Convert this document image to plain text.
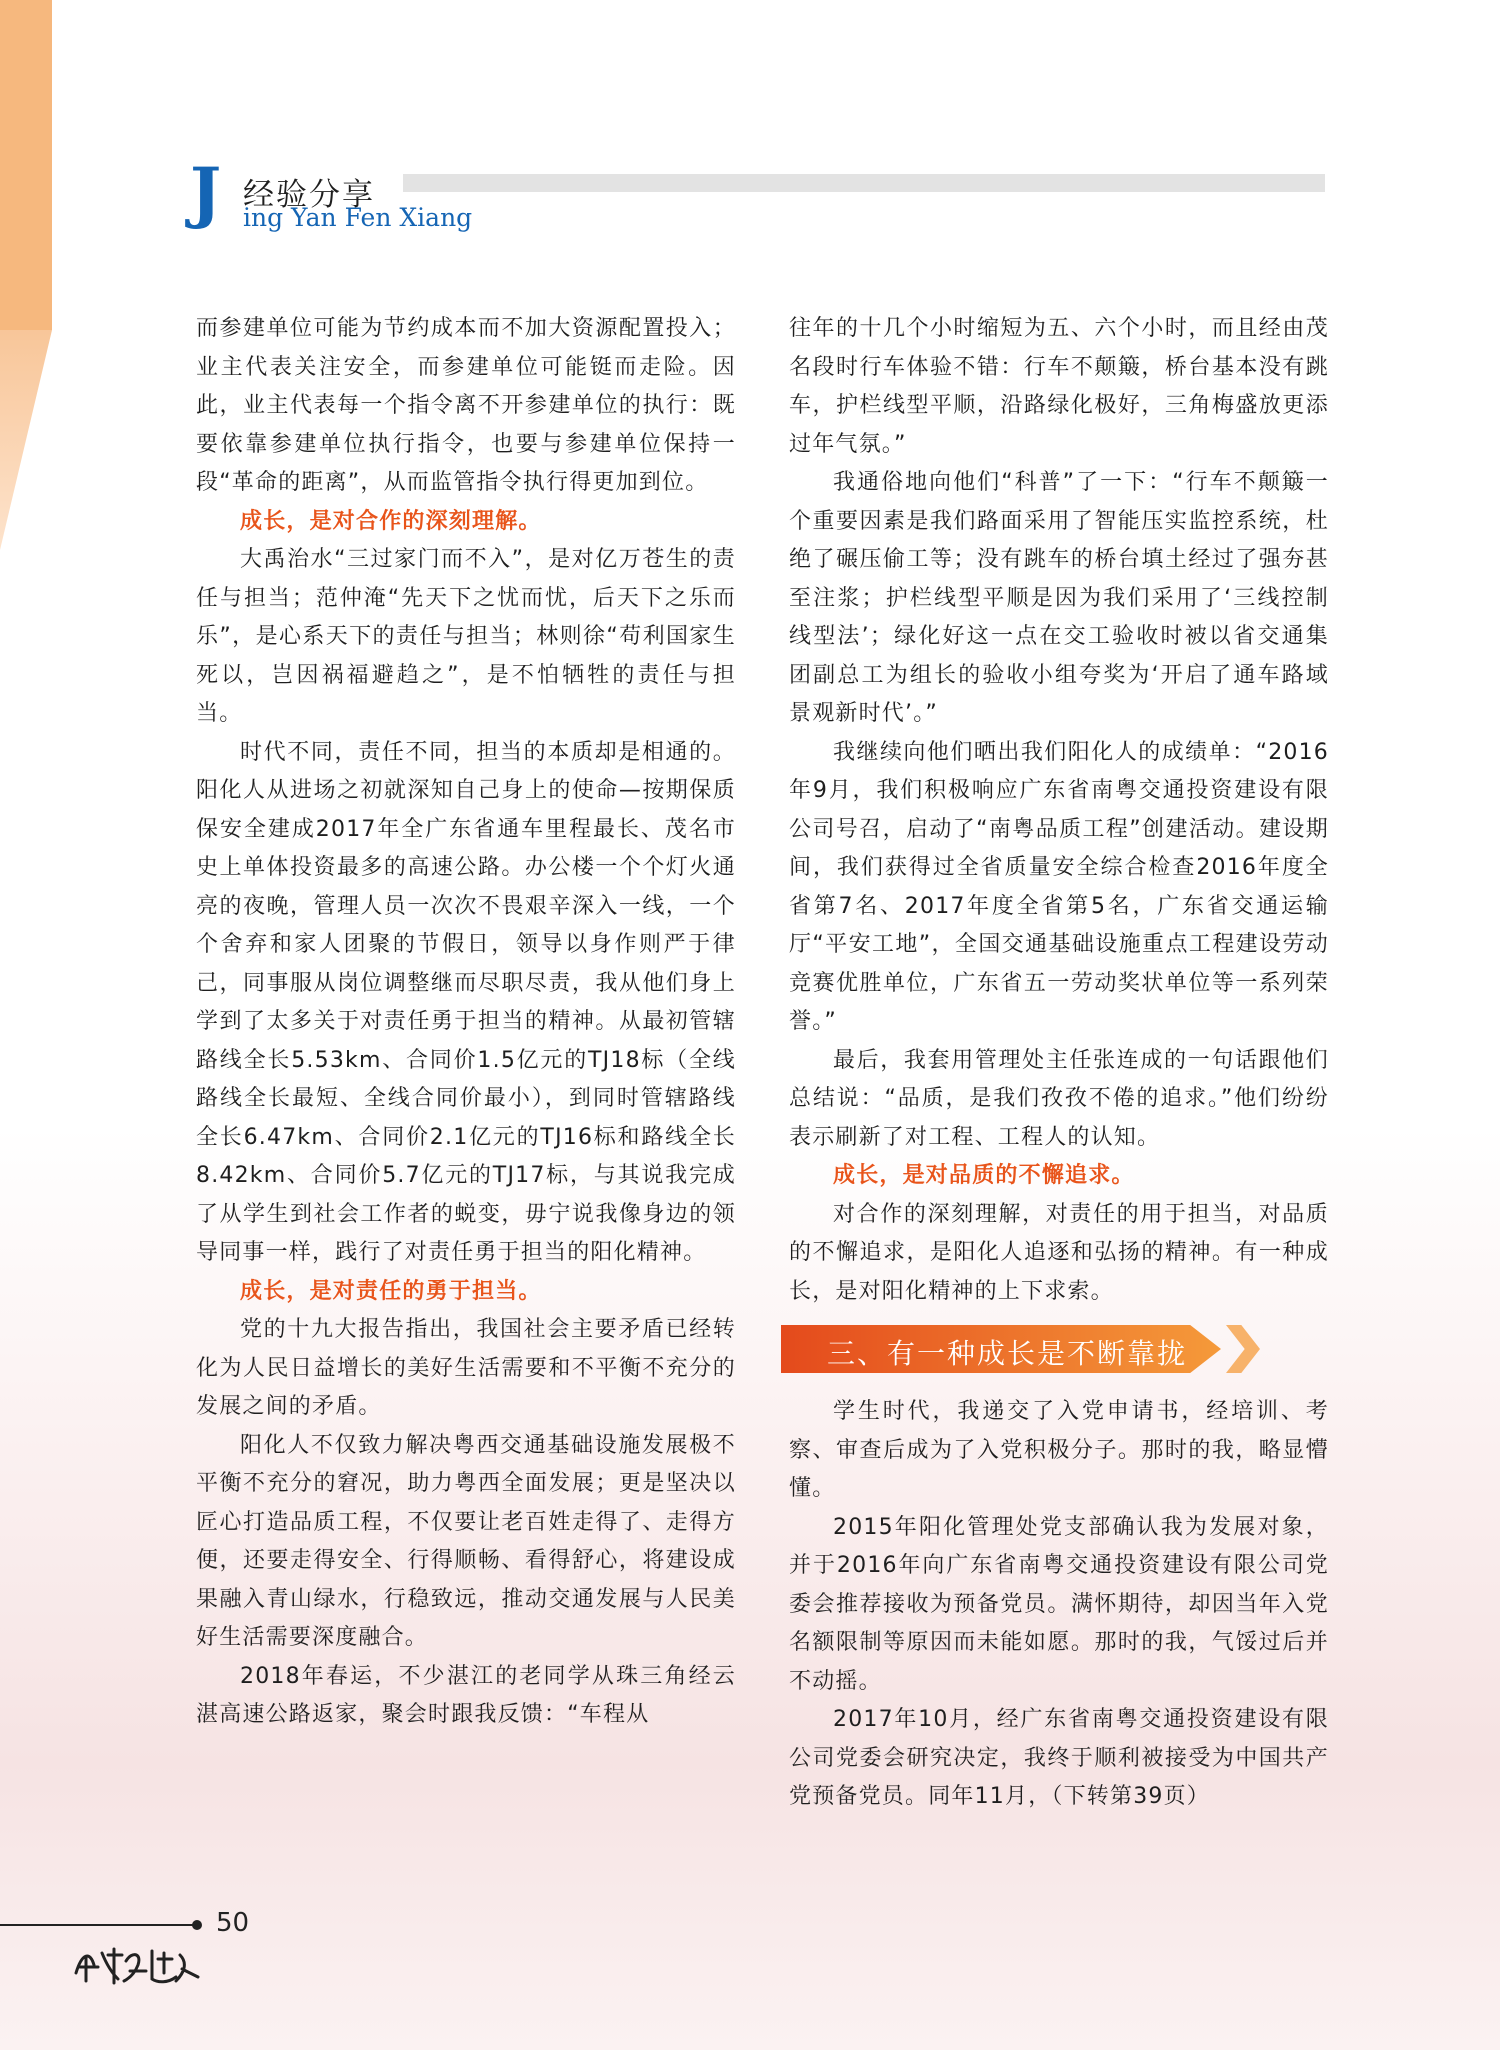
J 经验分享
ing Yan Fen Xiang

而参建单位可能为节约成本而不加大资源配置投入；业主代表关注安全，而参建单位可能铤而走险。因此，业主代表每一个指令离不开参建单位的执行：既要依靠参建单位执行指令，也要与参建单位保持一段“革命的距离”，从而监管指令执行得更加到位。

成长，是对合作的深刻理解。

大禹治水“三过家门而不入”，是对亿万苍生的责任与担当；范仲淹“先天下之忧而忧，后天下之乐而乐”，是心系天下的责任与担当；林则徐“苟利国家生死以，岂因祸福避趋之”，是不怕牺牲的责任与担当。

时代不同，责任不同，担当的本质却是相通的。阳化人从进场之初就深知自己身上的使命—按期保质保安全建成2017年全广东省通车里程最长、茂名市史上单体投资最多的高速公路。办公楼一个个灯火通亮的夜晚，管理人员一次次不畏艰辛深入一线，一个个舍弃和家人团聚的节假日，领导以身作则严于律己，同事服从岗位调整继而尽职尽责，我从他们身上学到了太多关于对责任勇于担当的精神。从最初管辖路线全长5.53km、合同价1.5亿元的TJ18标（全线路线全长最短、全线合同价最小），到同时管辖路线全长6.47km、合同价2.1亿元的TJ16标和路线全长8.42km、合同价5.7亿元的TJ17标，与其说我完成了从学生到社会工作者的蜕变，毋宁说我像身边的领导同事一样，践行了对责任勇于担当的阳化精神。

成长，是对责任的勇于担当。

党的十九大报告指出，我国社会主要矛盾已经转化为人民日益增长的美好生活需要和不平衡不充分的发展之间的矛盾。

阳化人不仅致力解决粤西交通基础设施发展极不平衡不充分的窘况，助力粤西全面发展；更是坚决以匠心打造品质工程，不仅要让老百姓走得了、走得方便，还要走得安全、行得顺畅、看得舒心，将建设成果融入青山绿水，行稳致远，推动交通发展与人民美好生活需要深度融合。

2018年春运，不少湛江的老同学从珠三角经云湛高速公路返家，聚会时跟我反馈：“车程从

往年的十几个小时缩短为五、六个小时，而且经由茂名段时行车体验不错：行车不颠簸，桥台基本没有跳车，护栏线型平顺，沿路绿化极好，三角梅盛放更添过年气氛。”

我通俗地向他们“科普”了一下：“行车不颠簸一个重要因素是我们路面采用了智能压实监控系统，杜绝了碾压偷工等；没有跳车的桥台填土经过了强夯甚至注浆；护栏线型平顺是因为我们采用了‘三线控制线型法’；绿化好这一点在交工验收时被以省交通集团副总工为组长的验收小组夸奖为‘开启了通车路域景观新时代’。”

我继续向他们晒出我们阳化人的成绩单：“2016年9月，我们积极响应广东省南粤交通投资建设有限公司号召，启动了“南粤品质工程”创建活动。建设期间，我们获得过全省质量安全综合检查2016年度全省第7名、2017年度全省第5名，广东省交通运输厅“平安工地”，全国交通基础设施重点工程建设劳动竞赛优胜单位，广东省五一劳动奖状单位等一系列荣誉。”

最后，我套用管理处主任张连成的一句话跟他们总结说：“品质，是我们孜孜不倦的追求。”他们纷纷表示刷新了对工程、工程人的认知。

成长，是对品质的不懈追求。

对合作的深刻理解，对责任的用于担当，对品质的不懈追求，是阳化人追逐和弘扬的精神。有一种成长，是对阳化精神的上下求索。

三、有一种成长是不断靠拢

学生时代，我递交了入党申请书，经培训、考察、审查后成为了入党积极分子。那时的我，略显懵懂。

2015年阳化管理处党支部确认我为发展对象，并于2016年向广东省南粤交通投资建设有限公司党委会推荐接收为预备党员。满怀期待，却因当年入党名额限制等原因而未能如愿。那时的我，气馁过后并不动摇。

2017年10月，经广东省南粤交通投资建设有限公司党委会研究决定，我终于顺利被接受为中国共产党预备党员。同年11月，（下转第39页）

50
